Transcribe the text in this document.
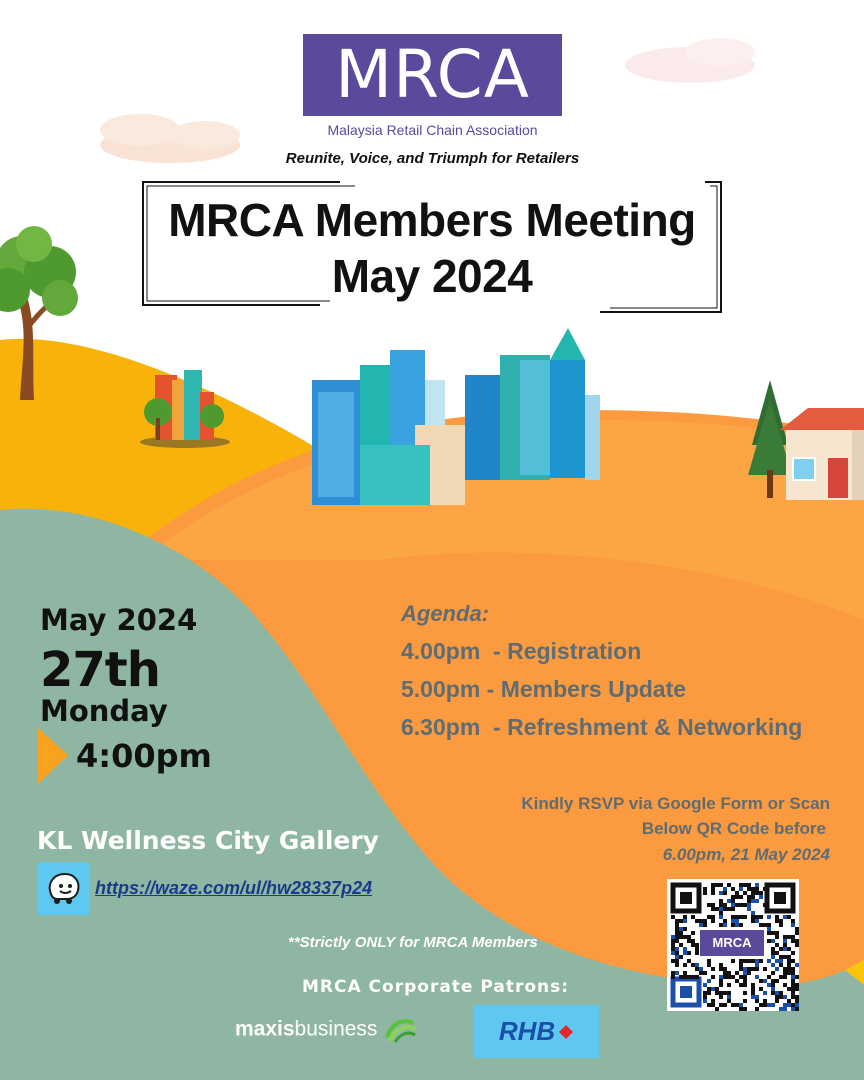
MRCA
Malaysia Retail Chain Association
Reunite, Voice, and Triumph for Retailers
MRCA Members Meeting
May 2024
May 2024
27th
Monday
4:00pm
Agenda:
4.00pm  - Registration
5.00pm - Members Update
6.30pm  - Refreshment & Networking
Kindly RSVP via Google Form or Scan
Below QR Code before
6.00pm, 21 May 2024
KL Wellness City Gallery
https://waze.com/ul/hw28337p24
MRCA
**Strictly ONLY for MRCA Members
MRCA Corporate Patrons:
maxisbusiness	RHB
